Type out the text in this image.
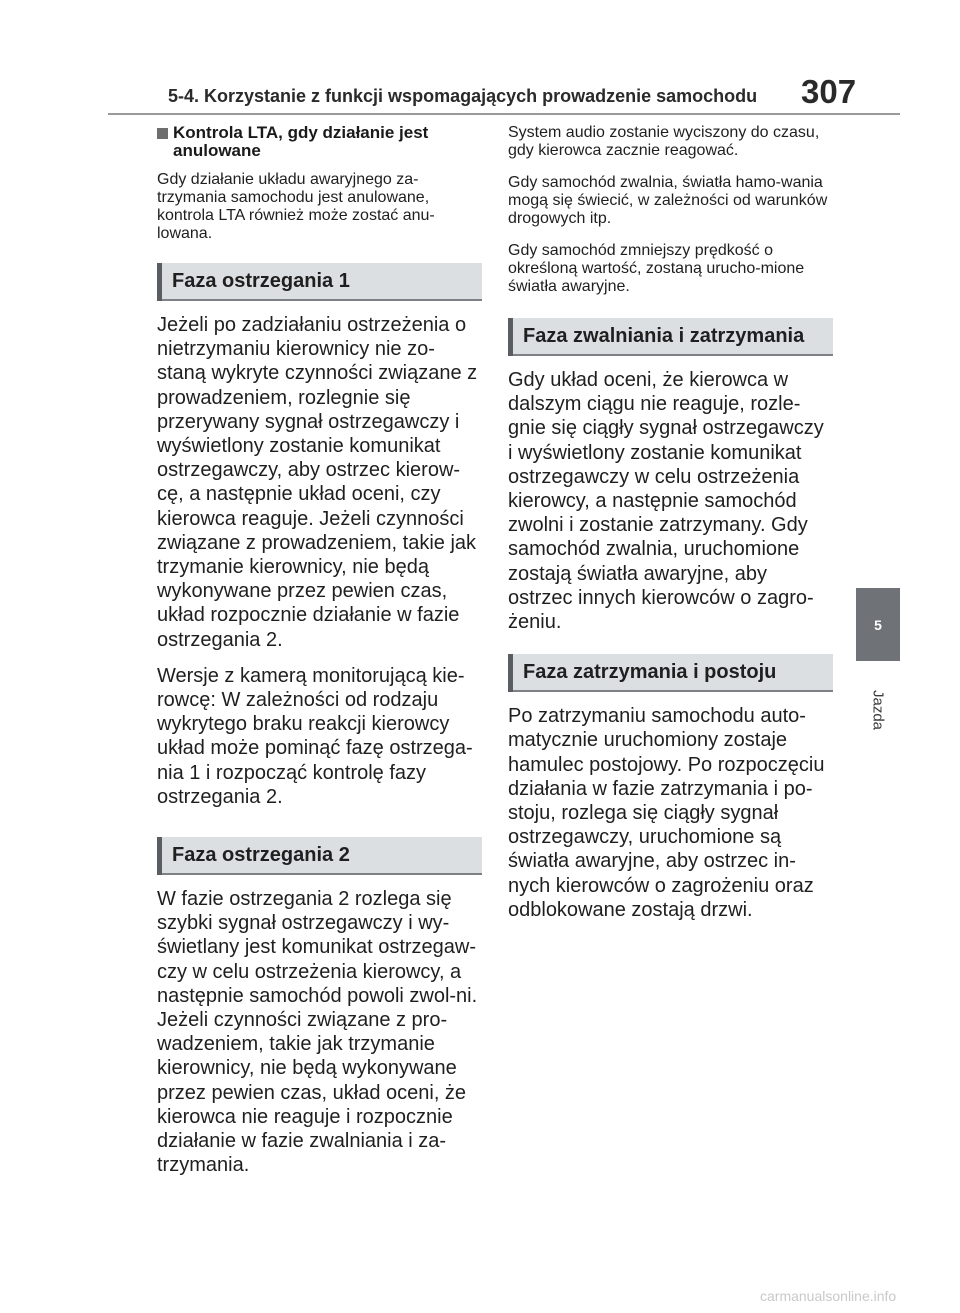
5-4. Korzystanie z funkcji wspomagających prowadzenie samochodu 307
Kontrola LTA, gdy działanie jest anulowane

Gdy działanie układu awaryjnego za-trzymania samochodu jest anulowane, kontrola LTA również może zostać anu-lowana.

Faza ostrzegania 1

Jeżeli po zadziałaniu ostrzeżenia o nietrzymaniu kierownicy nie zo-staną wykryte czynności związane z prowadzeniem, rozlegnie się przerywany sygnał ostrzegawczy i wyświetlony zostanie komunikat ostrzegawczy, aby ostrzec kierow-cę, a następnie układ oceni, czy kierowca reaguje. Jeżeli czynności związane z prowadzeniem, takie jak trzymanie kierownicy, nie będą wykonywane przez pewien czas, układ rozpocznie działanie w fazie ostrzegania 2.

Wersje z kamerą monitorującą kie-rowcę: W zależności od rodzaju wykrytego braku reakcji kierowcy układ może pominąć fazę ostrzega-nia 1 i rozpocząć kontrolę fazy ostrzegania 2.

Faza ostrzegania 2

W fazie ostrzegania 2 rozlega się szybki sygnał ostrzegawczy i wy-świetlany jest komunikat ostrzegaw-czy w celu ostrzeżenia kierowcy, a następnie samochód powoli zwol-ni. Jeżeli czynności związane z pro-wadzeniem, takie jak trzymanie kierownicy, nie będą wykonywane przez pewien czas, układ oceni, że kierowca nie reaguje i rozpocznie działanie w fazie zwalniania i za-trzymania.

System audio zostanie wyciszony do czasu, gdy kierowca zacznie reagować.

Gdy samochód zwalnia, światła hamo-wania mogą się świecić, w zależności od warunków drogowych itp.

Gdy samochód zmniejszy prędkość o określoną wartość, zostaną urucho-mione światła awaryjne.

Faza zwalniania i zatrzymania

Gdy układ oceni, że kierowca w dalszym ciągu nie reaguje, rozle-gnie się ciągły sygnał ostrzegawczy i wyświetlony zostanie komunikat ostrzegawczy w celu ostrzeżenia kierowcy, a następnie samochód zwolni i zostanie zatrzymany. Gdy samochód zwalnia, uruchomione zostają światła awaryjne, aby ostrzec innych kierowców o zagro-żeniu.

Faza zatrzymania i postoju

Po zatrzymaniu samochodu auto-matycznie uruchomiony zostaje hamulec postojowy. Po rozpoczęciu działania w fazie zatrzymania i po-stoju, rozlega się ciągły sygnał ostrzegawczy, uruchomione są światła awaryjne, aby ostrzec in-nych kierowców o zagrożeniu oraz odblokowane zostają drzwi.

5
Jazda
carmanualsonline.info
